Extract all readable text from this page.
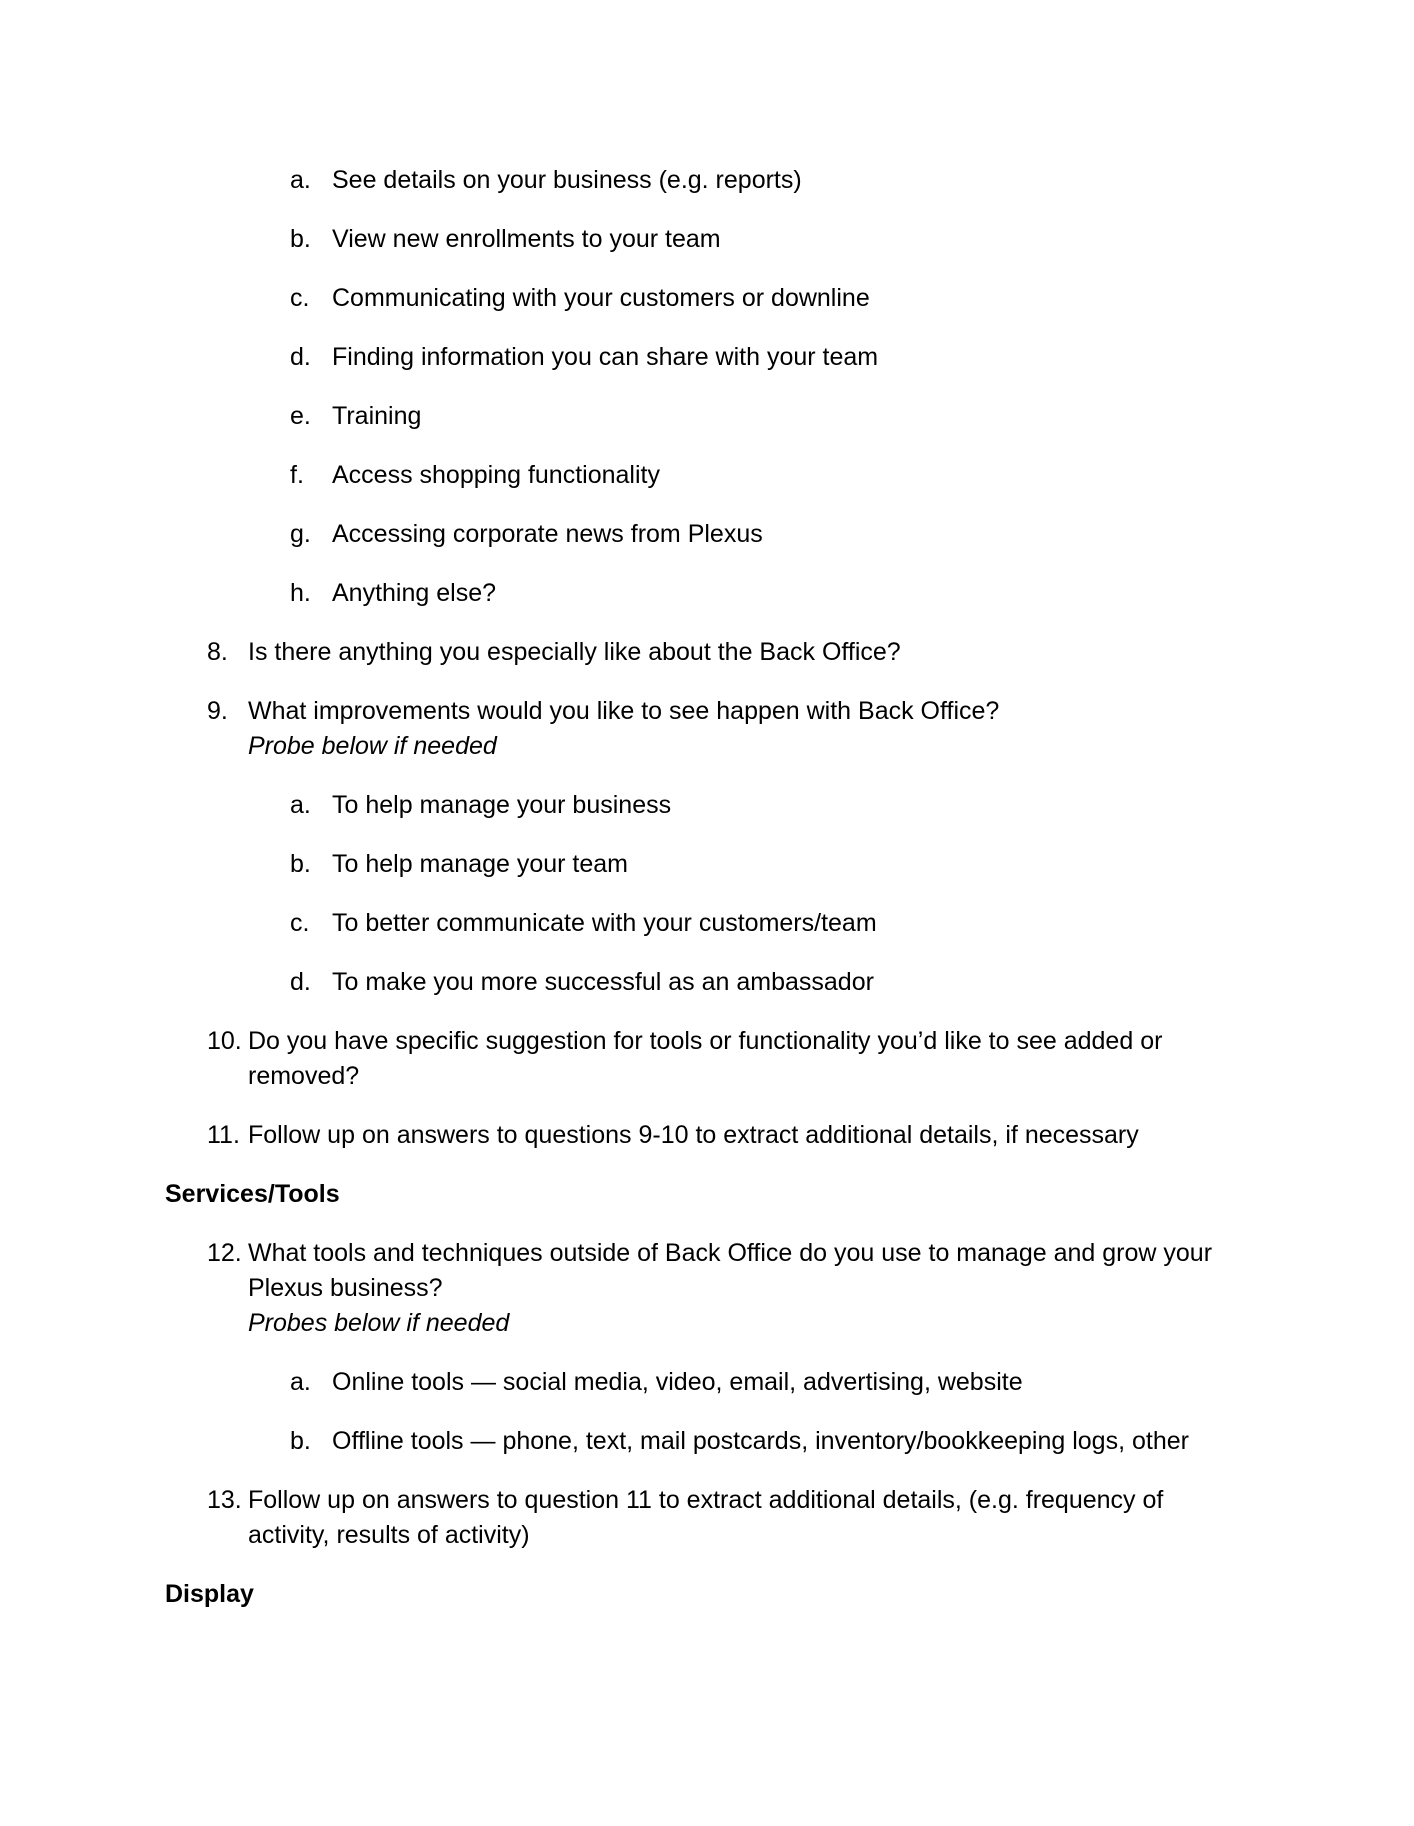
a. See details on your business (e.g. reports)
b. View new enrollments to your team
c. Communicating with your customers or downline
d. Finding information you can share with your team
e. Training
f. Access shopping functionality
g. Accessing corporate news from Plexus
h. Anything else?
8. Is there anything you especially like about the Back Office?
9. What improvements would you like to see happen with Back Office?
Probe below if needed
a. To help manage your business
b. To help manage your team
c. To better communicate with your customers/team
d. To make you more successful as an ambassador
10. Do you have specific suggestion for tools or functionality you’d like to see added or
removed?
11. Follow up on answers to questions 9-10 to extract additional details, if necessary
Services/Tools
12. What tools and techniques outside of Back Office do you use to manage and grow your
Plexus business?
Probes below if needed
a. Online tools — social media, video, email, advertising, website
b. Offline tools — phone, text, mail postcards, inventory/bookkeeping logs, other
13. Follow up on answers to question 11 to extract additional details, (e.g. frequency of
activity, results of activity)
Display
